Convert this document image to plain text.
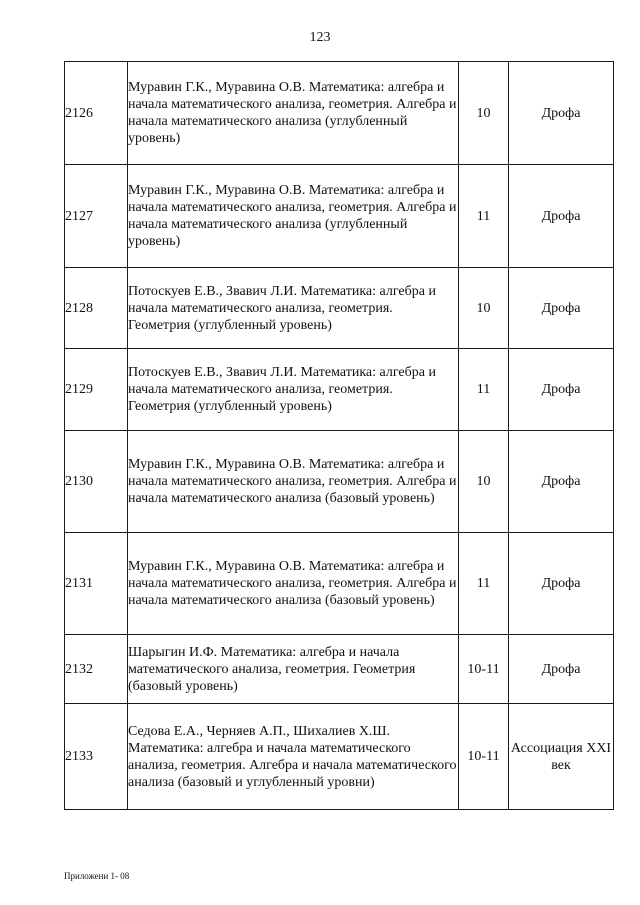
123
2126	Муравин Г.К., Муравина О.В. Математика: алгебра и начала математического анализа, геометрия. Алгебра и начала математического анализа (углубленный уровень)	10	Дрофа
2127	Муравин Г.К., Муравина О.В. Математика: алгебра и начала математического анализа, геометрия. Алгебра и начала математического анализа (углубленный уровень)	11	Дрофа
2128	Потоскуев Е.В., Звавич Л.И. Математика: алгебра и начала математического анализа, геометрия. Геометрия (углубленный уровень)	10	Дрофа
2129	Потоскуев Е.В., Звавич Л.И. Математика: алгебра и начала математического анализа, геометрия. Геометрия (углубленный уровень)	11	Дрофа
2130	Муравин Г.К., Муравина О.В. Математика: алгебра и начала математического анализа, геометрия. Алгебра и начала математического анализа (базовый уровень)	10	Дрофа
2131	Муравин Г.К., Муравина О.В. Математика: алгебра и начала математического анализа, геометрия. Алгебра и начала математического анализа (базовый уровень)	11	Дрофа
2132	Шарыгин И.Ф. Математика: алгебра и начала математического анализа, геометрия. Геометрия (базовый уровень)	10-11	Дрофа
2133	Седова Е.А., Черняев А.П., Шихалиев Х.Ш. Математика: алгебра и начала математического анализа, геометрия. Алгебра и начала математического анализа (базовый и углубленный уровни)	10-11	Ассоциация XXI век
Приложени 1- 08
